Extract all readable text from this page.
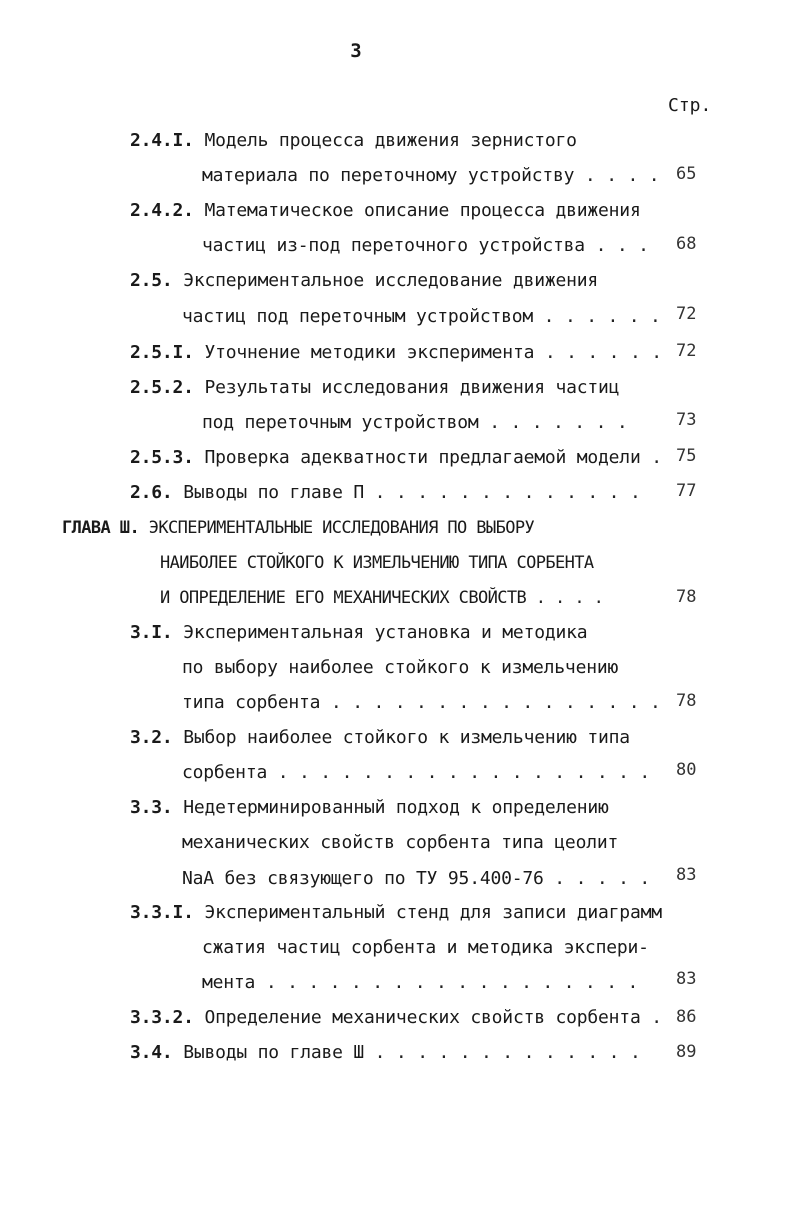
3
Стр.
2.4.I. Модель процесса движения зернистого
материала по переточному устройству . . . . 65
2.4.2. Математическое описание процесса движения
частиц из-под переточного устройства . . . 68
2.5. Экспериментальное исследование движения
частиц под переточным устройством . . . . . . 72
2.5.I. Уточнение методики эксперимента . . . . . . 72
2.5.2. Результаты исследования движения частиц
под переточным устройством . . . . . . .	73
2.5.3. Проверка адекватности предлагаемой модели . 75
2.6. Выводы по главе П . . . . . . . . . . . . . 77
ГЛАВА Ш. ЭКСПЕРИМЕНТАЛЬНЫЕ ИССЛЕДОВАНИЯ ПО ВЫБОРУ
НАИБОЛЕЕ СТОЙКОГО К ИЗМЕЛЬЧЕНИЮ ТИПА СОРБЕНТА
И ОПРЕДЕЛЕНИЕ ЕГО МЕХАНИЧЕСКИХ СВОЙСТВ . . . .	78
3.I. Экспериментальная установка и методика
по выбору наиболее стойкого к измельчению
типа сорбента . . . . . . . . . . . . . . . . 78
3.2. Выбор наиболее стойкого к измельчению типа
сорбента . . . . . . . . . . . . . . . . . . 80
3.3. Недетерминированный подход к определению
механических свойств сорбента типа цеолит
NaA без связующего по ТУ 95.400-76 . . . . . 83
3.3.I. Экспериментальный стенд для записи диаграмм
сжатия частиц сорбента и методика экспери-
мента . . . . . . . . . . . . . . . . . . 83
3.3.2. Определение механических свойств сорбента . 86
3.4. Выводы по главе Ш . . . . . . . . . . . . . 89
